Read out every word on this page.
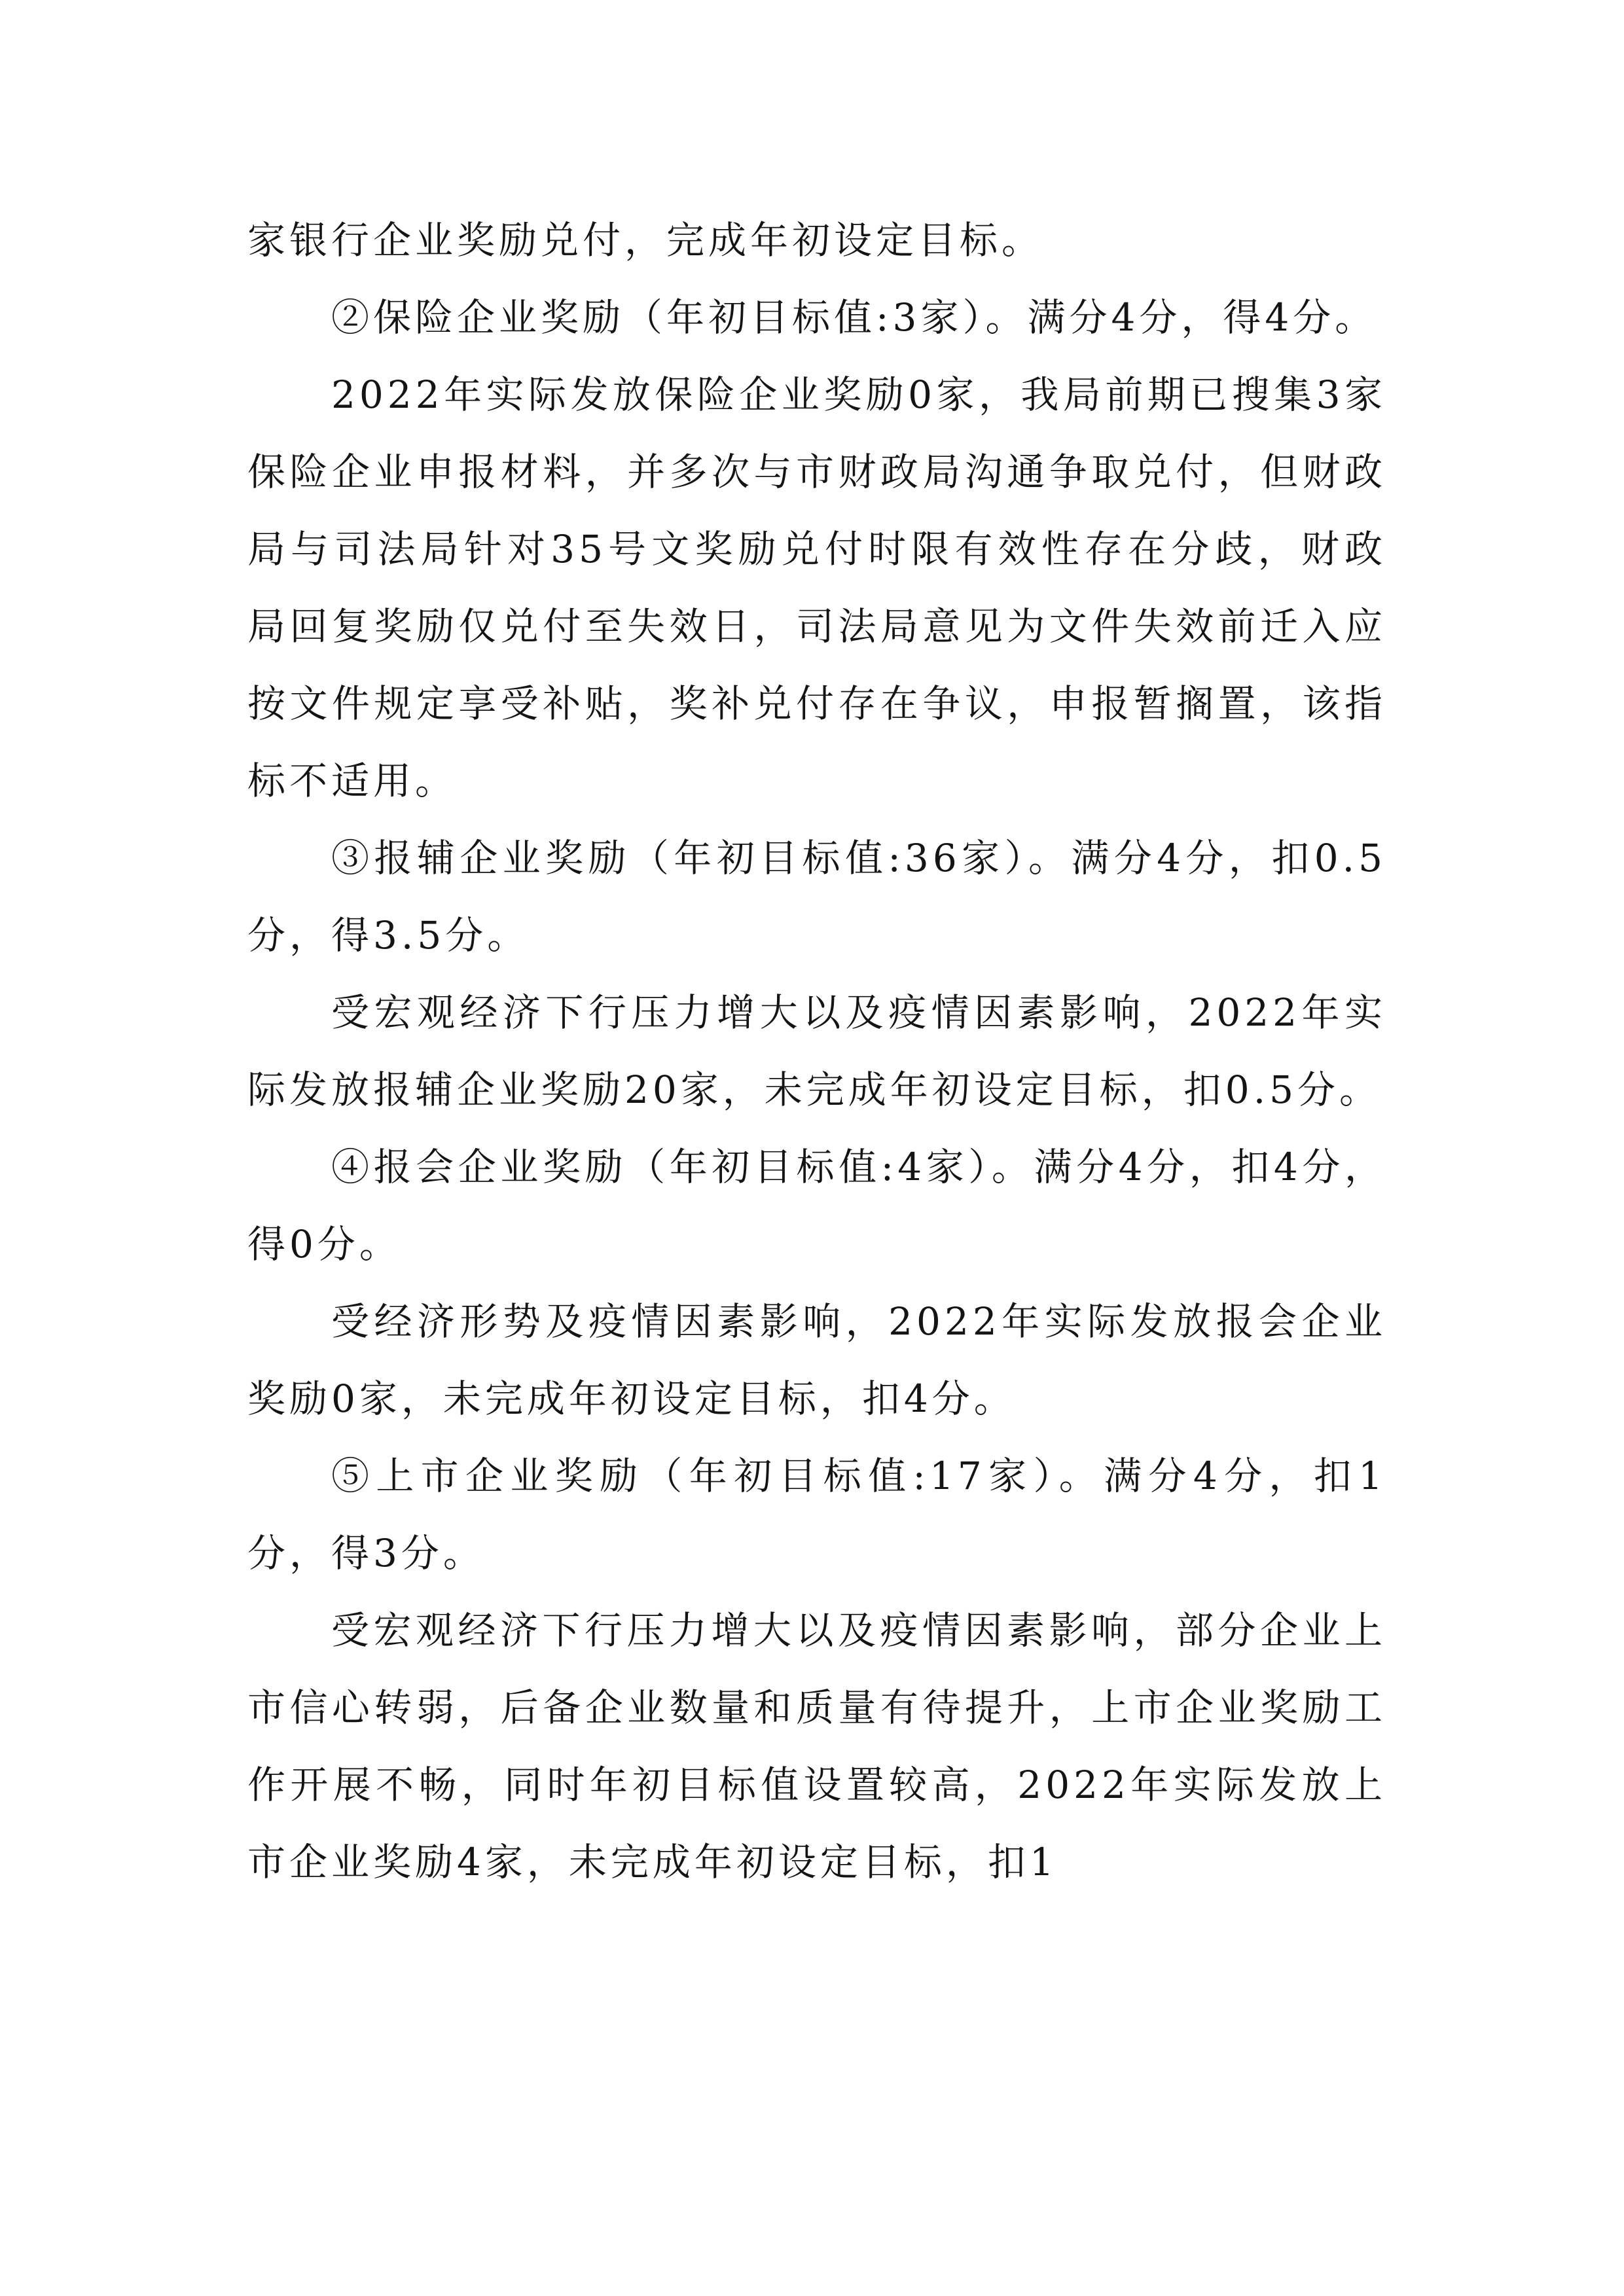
家银行企业奖励兑付，完成年初设定目标。

②保险企业奖励（年初目标值:3家）。满分4分，得4分。

2022年实际发放保险企业奖励0家，我局前期已搜集3家保险企业申报材料，并多次与市财政局沟通争取兑付，但财政局与司法局针对35号文奖励兑付时限有效性存在分歧，财政局回复奖励仅兑付至失效日，司法局意见为文件失效前迁入应按文件规定享受补贴，奖补兑付存在争议，申报暂搁置，该指标不适用。

③报辅企业奖励（年初目标值:36家）。满分4分，扣0.5分，得3.5分。

受宏观经济下行压力增大以及疫情因素影响，2022年实际发放报辅企业奖励20家，未完成年初设定目标，扣0.5分。

④报会企业奖励（年初目标值:4家）。满分4分，扣4分，得0分。

受经济形势及疫情因素影响，2022年实际发放报会企业奖励0家，未完成年初设定目标，扣4分。

⑤上市企业奖励（年初目标值:17家）。满分4分，扣1分，得3分。

受宏观经济下行压力增大以及疫情因素影响，部分企业上市信心转弱，后备企业数量和质量有待提升，上市企业奖励工作开展不畅，同时年初目标值设置较高，2022年实际发放上市企业奖励4家，未完成年初设定目标，扣1
